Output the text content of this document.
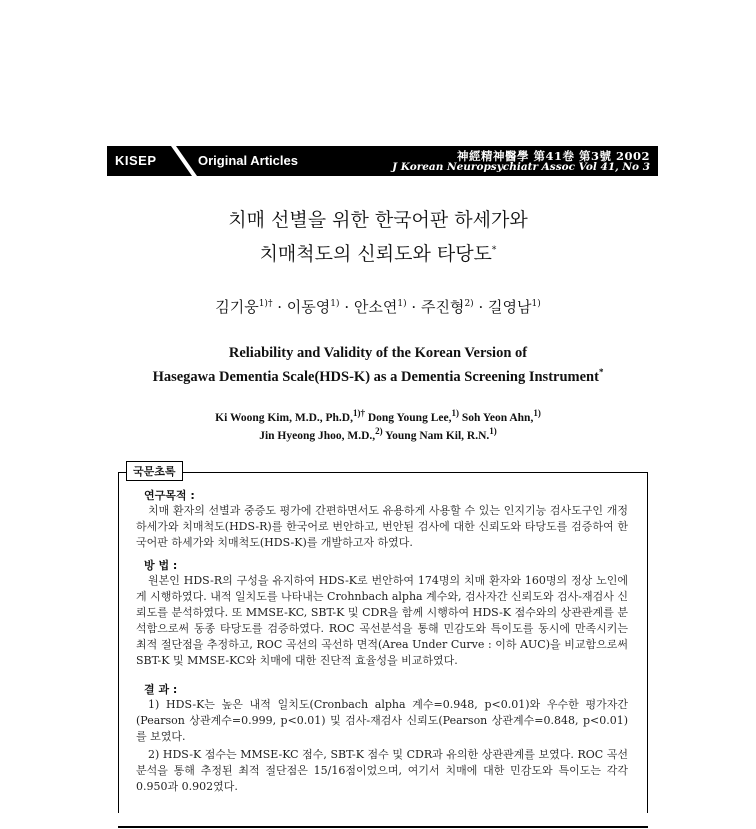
KISEP	Original Articles	神經精神醫學 第41卷 第3號 2002
J Korean Neuropsychiatr Assoc Vol 41, No 3
치매 선별을 위한 한국어판 하세가와
치매척도의 신뢰도와 타당도*
김기웅$^{1)\dagger}$ · 이동영$^{1)}$ · 안소연$^{1)}$ · 주진형$^{2)}$ · 길영남$^{1)}$
Reliability and Validity of the Korean Version of
Hasegawa Dementia Scale(HDS-K) as a Dementia Screening Instrument*
Ki Woong Kim, M.D., Ph.D,$^{1)\dagger}$ Dong Young Lee,$^{1)}$ Soh Yeon Ahn,$^{1)}$
Jin Hyeong Jhoo, M.D.,$^{2)}$ Young Nam Kil, R.N.$^{1)}$
국문초록
연구목적 :

치매 환자의 선별과 중증도 평가에 간편하면서도 유용하게 사용할 수 있는 인지기능 검사도구인 개정 하세가와 치매척도(HDS-R)를 한국어로 번안하고, 번안된 검사에 대한 신뢰도와 타당도를 검증하여 한국어판 하세가와 치매척도(HDS-K)를 개발하고자 하였다.

방 법 :

원본인 HDS-R의 구성을 유지하여 HDS-K로 번안하여 174명의 치매 환자와 160명의 정상 노인에게 시행하였다. 내적 일치도를 나타내는 Crohnbach alpha 계수와, 검사자간 신뢰도와 검사-재검사 신뢰도를 분석하였다. 또 MMSE-KC, SBT-K 및 CDR을 함께 시행하여 HDS-K 점수와의 상관관계를 분석함으로써 동종 타당도를 검증하였다. ROC 곡선분석을 통해 민감도와 특이도를 동시에 만족시키는 최적 절단점을 추정하고, ROC 곡선의 곡선하 면적(Area Under Curve : 이하 AUC)을 비교함으로써 SBT-K 및 MMSE-KC와 치매에 대한 진단적 효율성을 비교하였다.

결 과 :

1) HDS-K는 높은 내적 일치도(Cronbach alpha 계수=0.948, p<0.01)와 우수한 평가자간(Pearson 상관계수=0.999, p<0.01) 및 검사-재검사 신뢰도(Pearson 상관계수=0.848, p<0.01)를 보였다.

2) HDS-K 점수는 MMSE-KC 점수, SBT-K 점수 및 CDR과 유의한 상관관계를 보였다. ROC 곡선 분석을 통해 추정된 최적 절단점은 15/16점이었으며, 여기서 치매에 대한 민감도와 특이도는 각각 0.950과 0.902였다.
